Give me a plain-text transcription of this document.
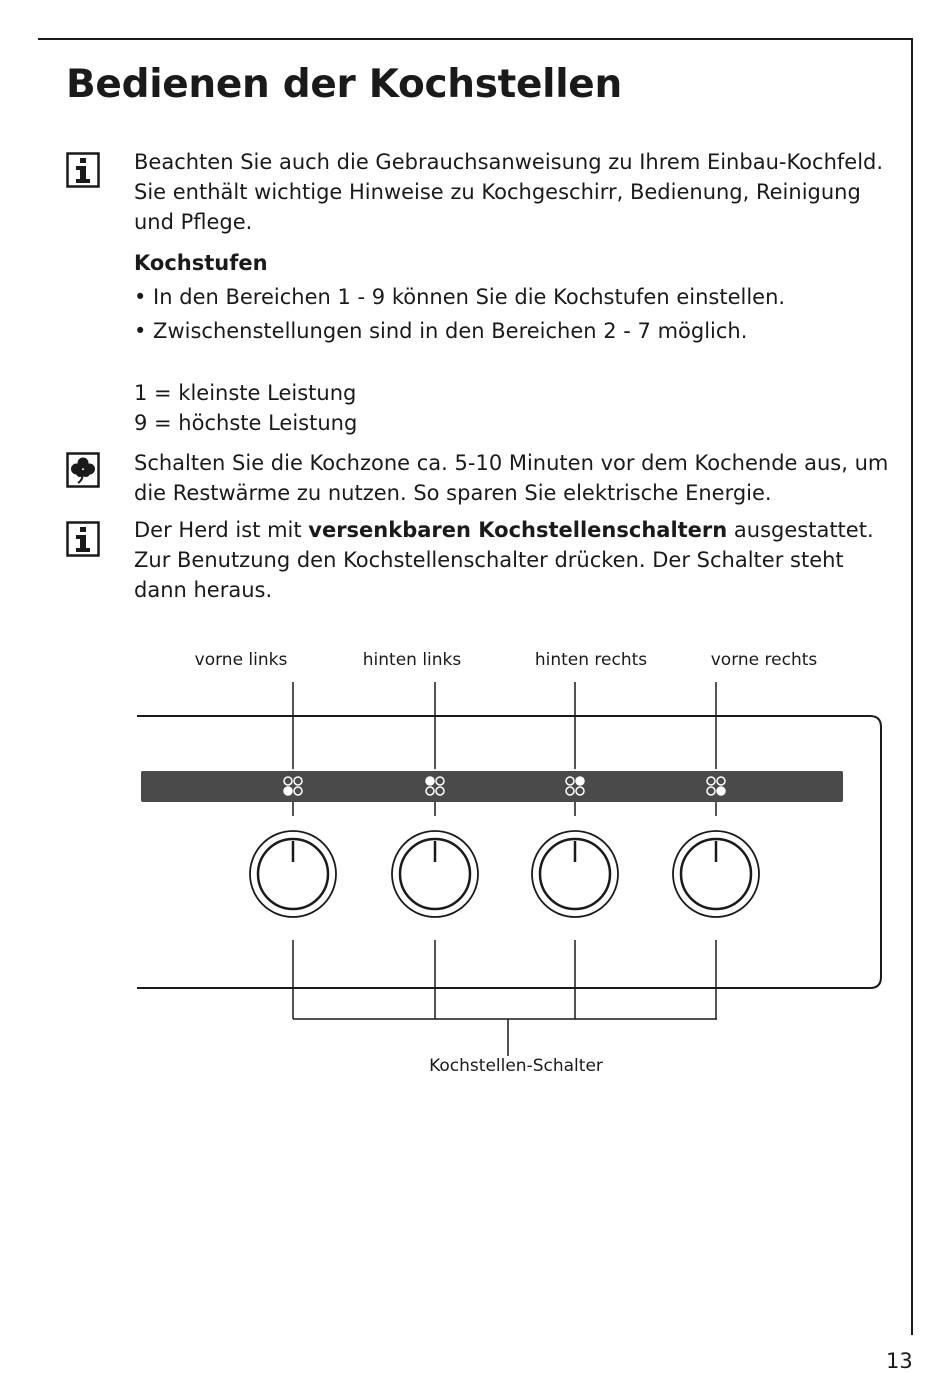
Bedienen der Kochstellen

Beachten Sie auch die Gebrauchsanweisung zu Ihrem Einbau-Kochfeld.

Sie enthält wichtige Hinweise zu Kochgeschirr, Bedienung, Reinigung

und Pflege.

Kochstufen

• In den Bereichen 1 - 9 können Sie die Kochstufen einstellen.

• Zwischenstellungen sind in den Bereichen 2 - 7 möglich.

1 = kleinste Leistung

9 = höchste Leistung

Schalten Sie die Kochzone ca. 5-10 Minuten vor dem Kochende aus, um

die Restwärme zu nutzen. So sparen Sie elektrische Energie.

Der Herd ist mit versenkbaren Kochstellenschaltern ausgestattet.

Zur Benutzung den Kochstellenschalter drücken. Der Schalter steht

dann heraus.

vorne links	hinten links	hinten rechts	vorne rechts
Kochstellen-Schalter
13
